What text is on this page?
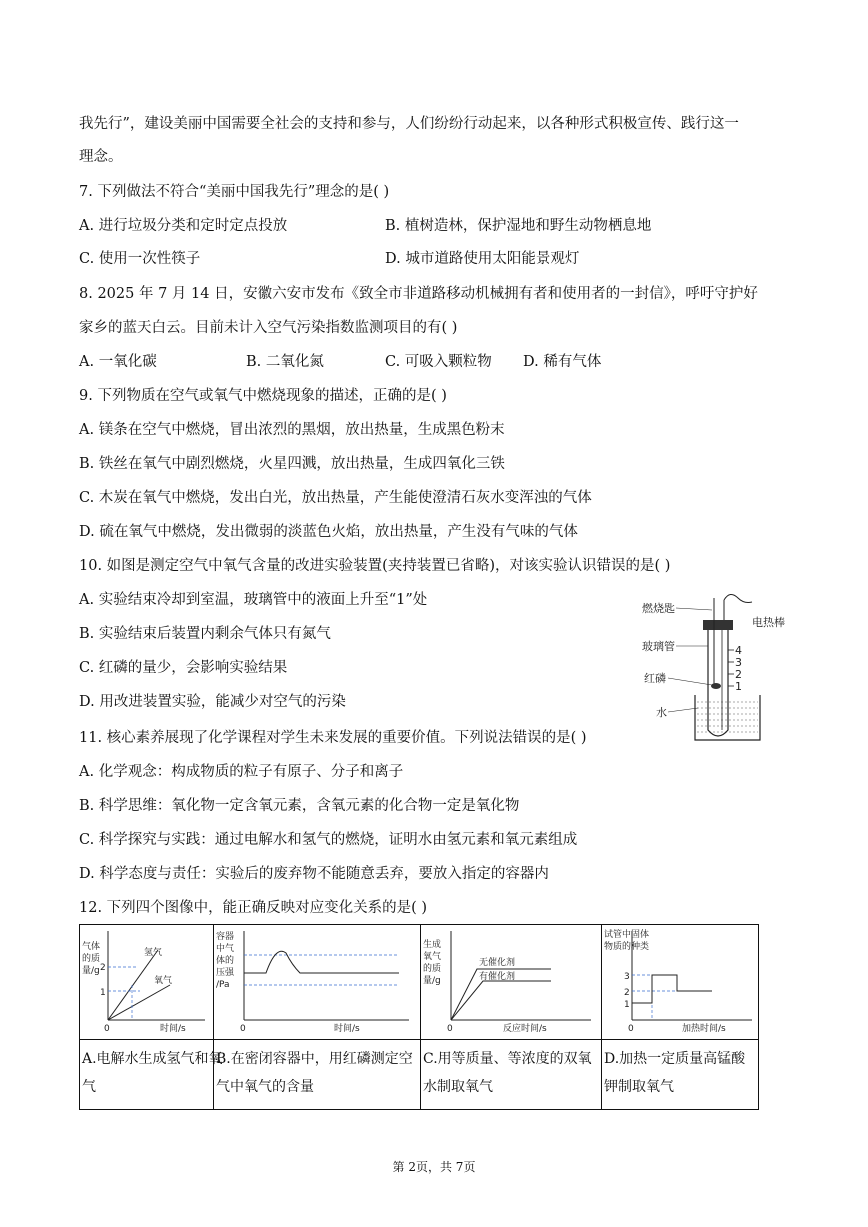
我先行”，建设美丽中国需要全社会的支持和参与，人们纷纷行动起来，以各种形式积极宣传、践行这一
理念。
7. 下列做法不符合“美丽中国我先行”理念的是( )
A. 进行垃圾分类和定时定点投放	B. 植树造林，保护湿地和野生动物栖息地
C. 使用一次性筷子	D. 城市道路使用太阳能景观灯
8. 2025 年 7 月 14 日，安徽六安市发布《致全市非道路移动机械拥有者和使用者的一封信》，呼吁守护好
家乡的蓝天白云。目前未计入空气污染指数监测项目的有( )
A. 一氧化碳	B. 二氧化氮	C. 可吸入颗粒物 D. 稀有气体
9. 下列物质在空气或氧气中燃烧现象的描述，正确的是( )
A. 镁条在空气中燃烧，冒出浓烈的黑烟，放出热量，生成黑色粉末
B. 铁丝在氧气中剧烈燃烧，火星四溅，放出热量，生成四氧化三铁
C. 木炭在氧气中燃烧，发出白光，放出热量，产生能使澄清石灰水变浑浊的气体
D. 硫在氧气中燃烧，发出微弱的淡蓝色火焰，放出热量，产生没有气味的气体
10. 如图是测定空气中氧气含量的改进实验装置(夹持装置已省略)，对该实验认识错误的是( )
A. 实验结束冷却到室温，玻璃管中的液面上升至“1”处
B. 实验结束后装置内剩余气体只有氮气
C. 红磷的量少，会影响实验结果
D. 用改进装置实验，能减少对空气的污染
4
3
2
1
燃烧匙
电热棒
玻璃管
红磷
水
11. 核心素养展现了化学课程对学生未来发展的重要价值。下列说法错误的是( )
A. 化学观念：构成物质的粒子有原子、分子和离子
B. 科学思维：氧化物一定含氧元素，含氧元素的化合物一定是氧化物
C. 科学探究与实践：通过电解水和氢气的燃烧，证明水由氢元素和氧元素组成
D. 科学态度与责任：实验后的废弃物不能随意丢弃，要放入指定的容器内
12. 下列四个图像中，能正确反映对应变化关系的是( )
气体
的质
量/g 2
1
氢气
氧气
0	时间/s
A.电解水生成氢气和氧气
容器
中气
体的
压强
/Pa
0	时间/s
B.在密闭容器中，用红磷测定空气中氧气的含量
生成
氧气
的质
量/g
无催化剂
有催化剂
0	反应时间/s
C.用等质量、等浓度的双氧水制取氧气
试管中固体
物质的种类
3
2
1
0	加热时间/s
D.加热一定质量高锰酸钾制取氧气
第 2页，共 7页
